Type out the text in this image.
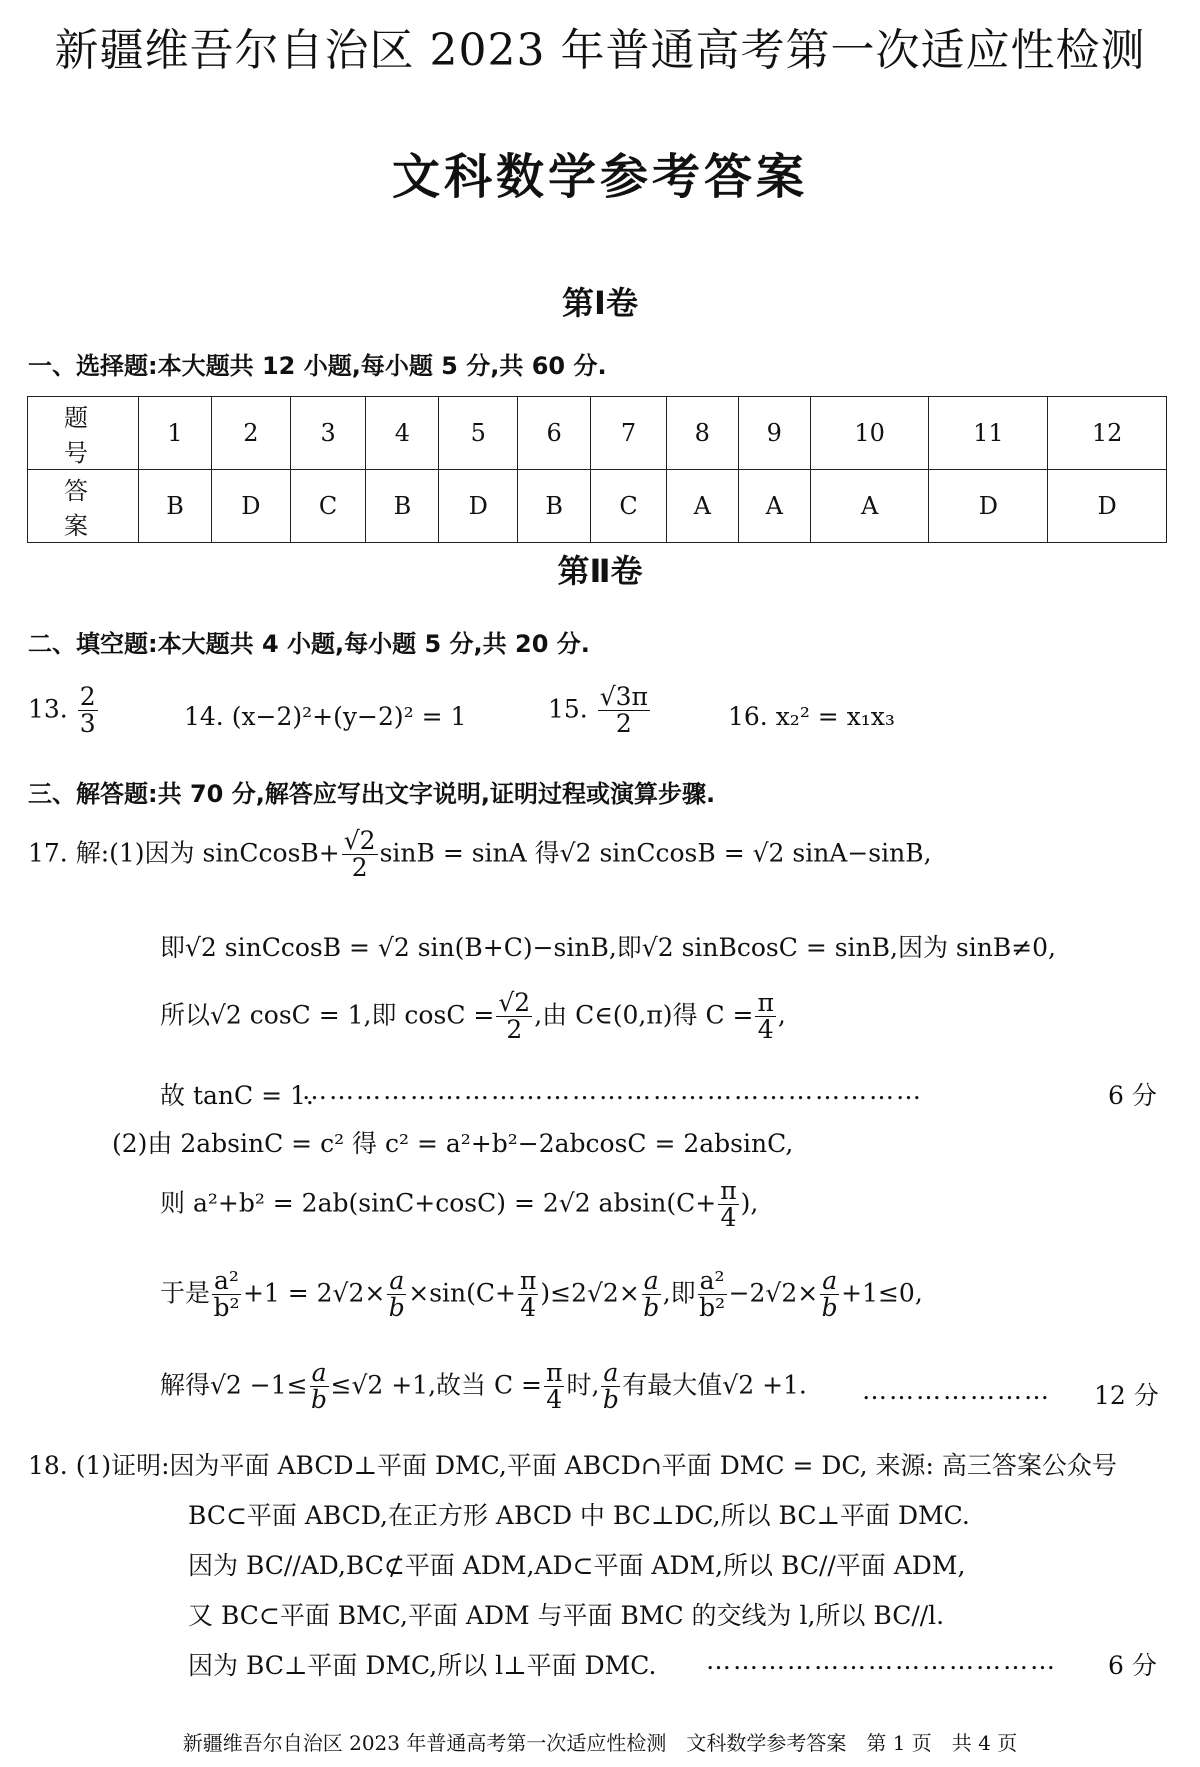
新疆维吾尔自治区 2023 年普通高考第一次适应性检测
文科数学参考答案
第Ⅰ卷
一、选择题:本大题共 12 小题,每小题 5 分,共 60 分.
题　号	1	2	3	4	5	6	7	8	9	10	11	12
答　案	B	D	C	B	D	B	C	A	A	A	D	D
第Ⅱ卷
二、填空题:本大题共 4 小题,每小题 5 分,共 20 分.
13. $\frac{2}{3}$	14. (x−2)²+(y−2)² = 1	15. $\frac{√3\pi}{2}$	16. x₂² = x₁x₃
三、解答题:共 70 分,解答应写出文字说明,证明过程或演算步骤.
17. 解:(1)因为 sinCcosB+ $\frac{√2}{2}$ sinB = sinA 得√2 sinCcosB = √2 sinA−sinB,
即√2 sinCcosB = √2 sin(B+C)−sinB,即√2 sinBcosC = sinB,因为 sinB≠0,
所以√2 cosC = 1,即 $\cos C = \frac{√2}{2}$ ,由 C∈(0,π)得 $C = \frac{\pi}{4}$ ,
故 tanC = 1.
……………………………………………………………	6 分
(2)由 2absinC = c² 得 c² = a²+b²−2abcosC = 2absinC,
则 a²+b² = 2ab(sinC+cosC) = 2√2 $absin(C+ \frac{\pi}{4}$ ),
于是 $\frac{\text{a²}}{\text{b²}} +1 = 2√2\times \frac{a}{b} \times\sin(C+ \frac{\pi}{4} )\le 2√2\times \frac{a}{b}$ ,即 $\frac{\text{a²}}{\text{b²}} -2√2\times \frac{a}{b} +1\le 0$,
解得$√2 -1\le \frac{a}{b} \le√2 +1$,故当 $C = \frac{\pi}{4}$ 时, $\frac{a}{b}$ 有最大值√2 +1. ………………… 12 分
18. (1)证明:因为平面 ABCD⊥平面 DMC,平面 ABCD∩平面 DMC = DC, 来源: 高三答案公众号
BC⊂平面 ABCD,在正方形 ABCD 中 BC⊥DC,所以 BC⊥平面 DMC.
因为 BC//AD,BC⊄平面 ADM,AD⊂平面 ADM,所以 BC//平面 ADM,
又 BC⊂平面 BMC,平面 ADM 与平面 BMC 的交线为 l,所以 BC//l.
因为 BC⊥平面 DMC,所以 l⊥平面 DMC. ………………………………… 6 分
新疆维吾尔自治区 2023 年普通高考第一次适应性检测　文科数学参考答案　第 1 页　共 4 页
